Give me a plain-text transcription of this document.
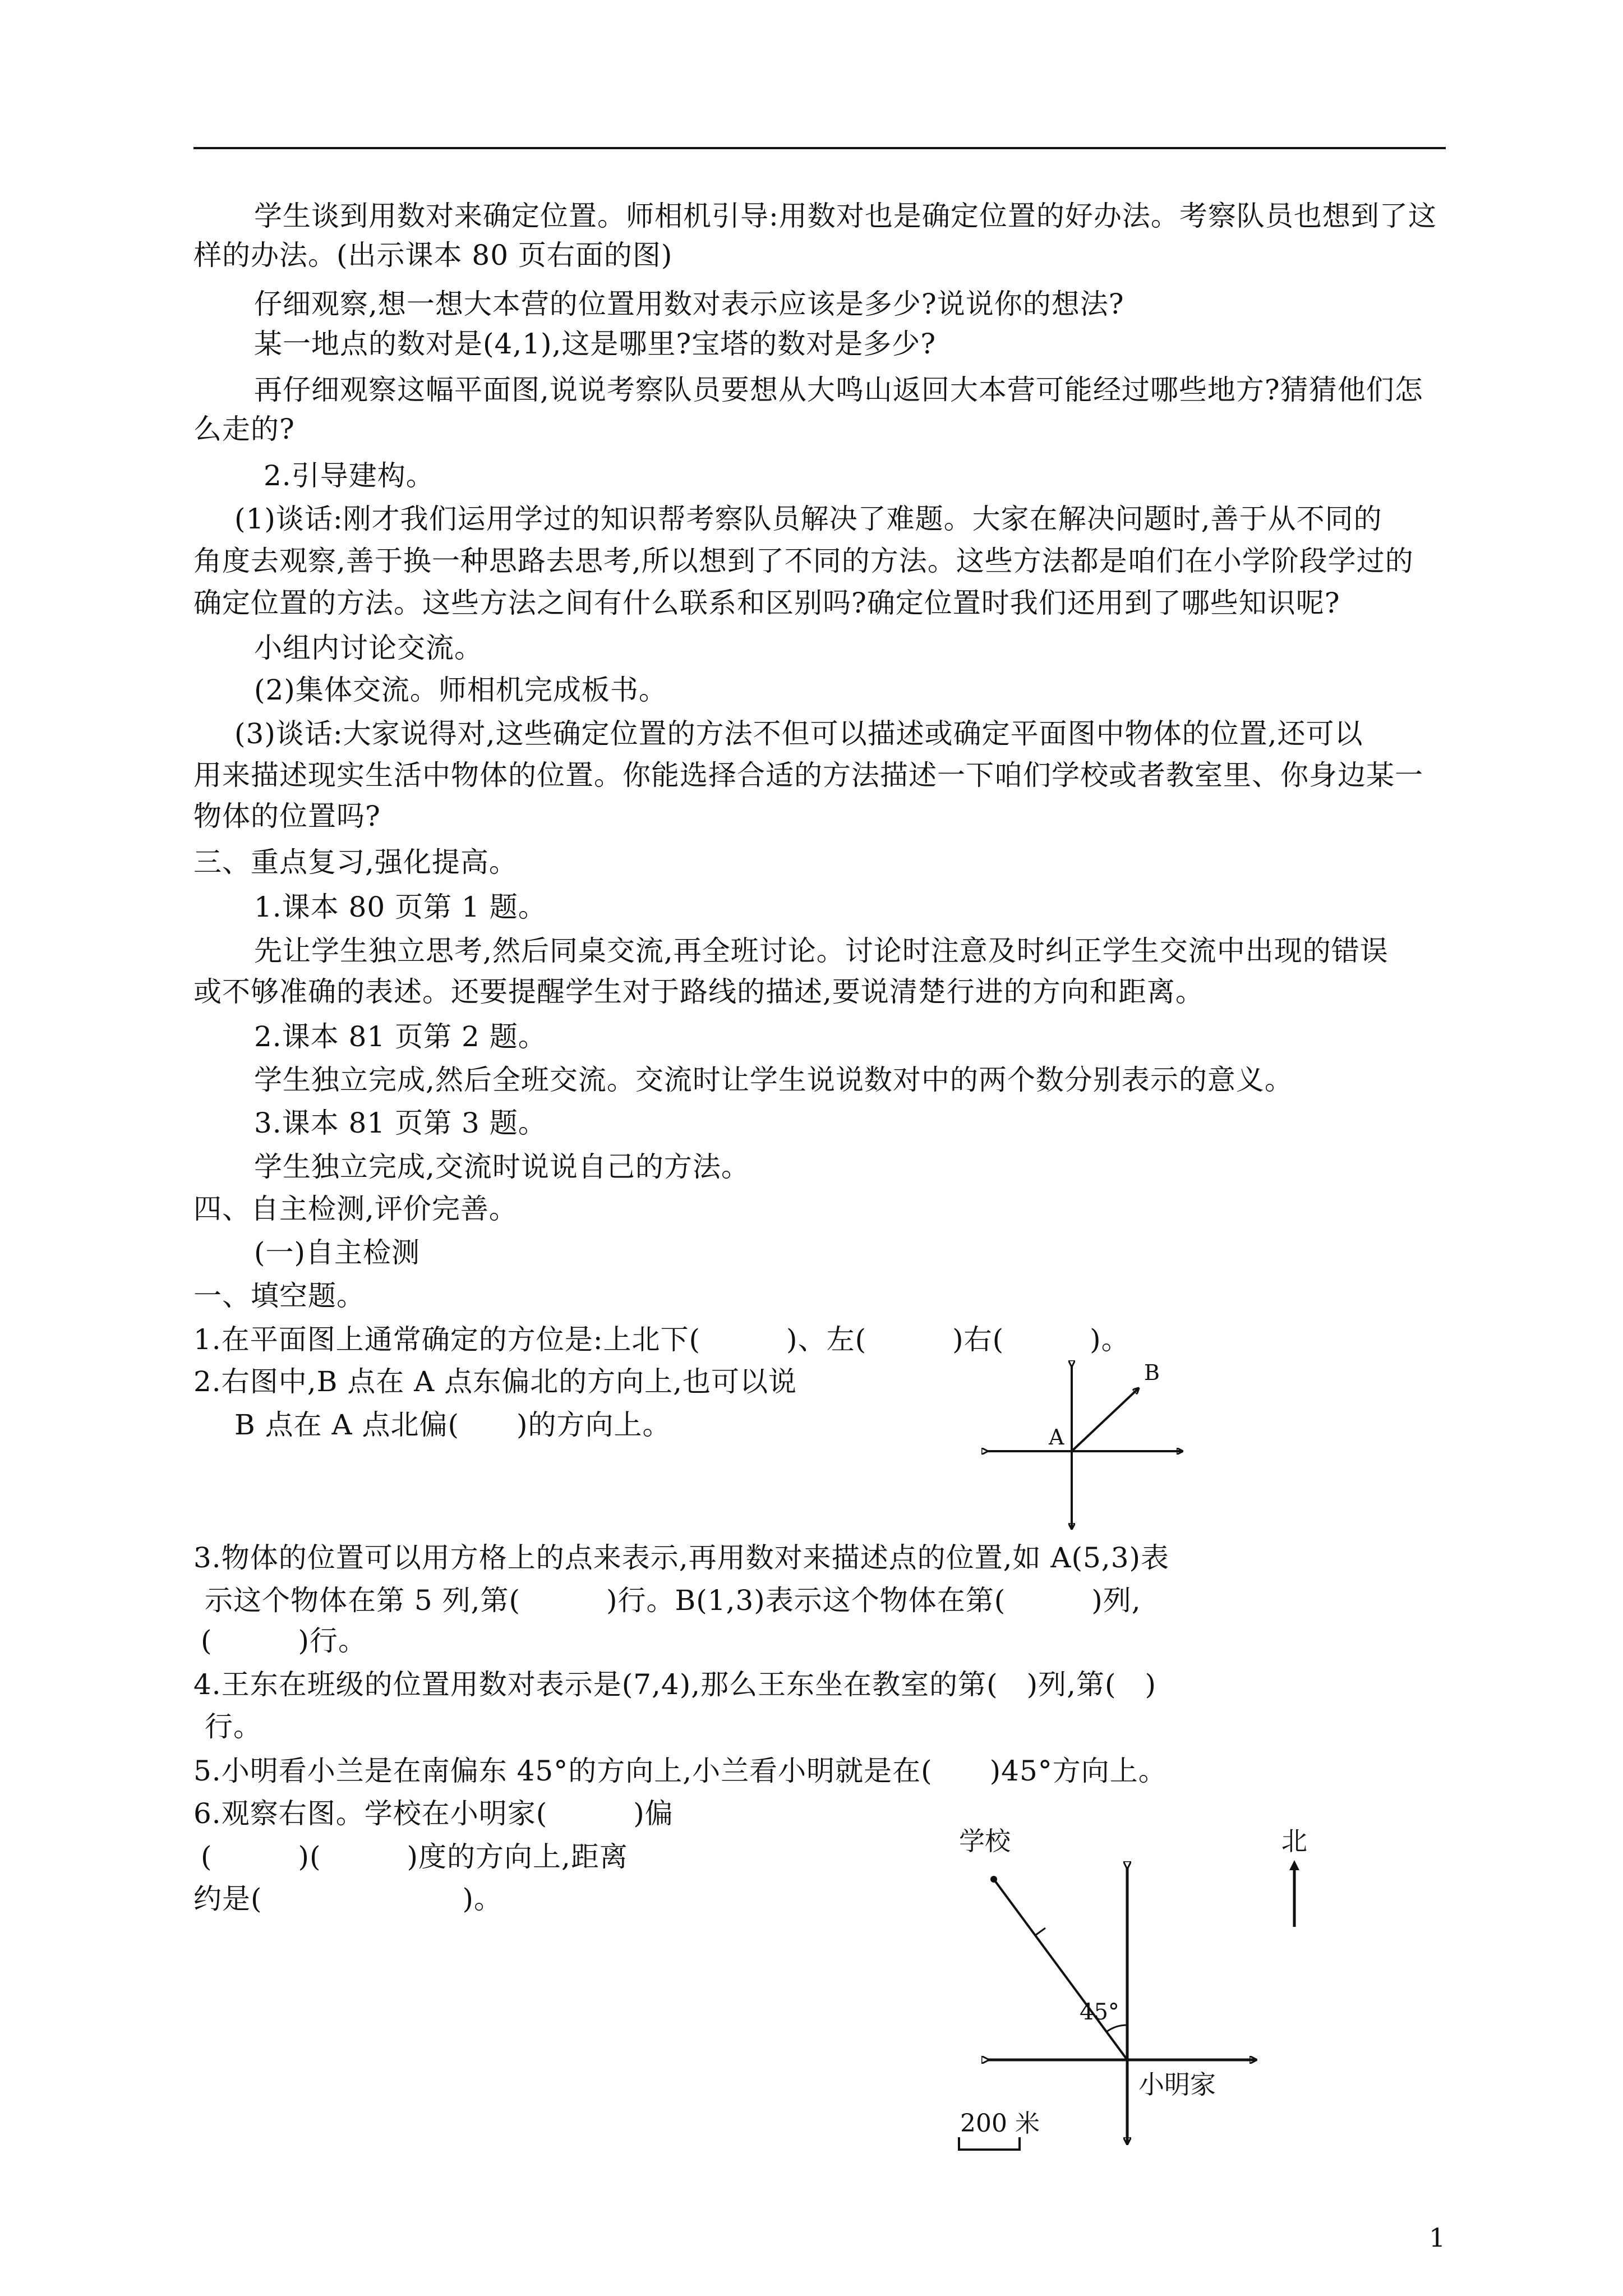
学生谈到用数对来确定位置。师相机引导:用数对也是确定位置的好办法。考察队员也想到了这
样的办法。(出示课本 80 页右面的图)
仔细观察,想一想大本营的位置用数对表示应该是多少?说说你的想法?
某一地点的数对是(4,1),这是哪里?宝塔的数对是多少?
再仔细观察这幅平面图,说说考察队员要想从大鸣山返回大本营可能经过哪些地方?猜猜他们怎
么走的?
2.引导建构。
(1)谈话:刚才我们运用学过的知识帮考察队员解决了难题。大家在解决问题时,善于从不同的
角度去观察,善于换一种思路去思考,所以想到了不同的方法。这些方法都是咱们在小学阶段学过的
确定位置的方法。这些方法之间有什么联系和区别吗?确定位置时我们还用到了哪些知识呢?
小组内讨论交流。
(2)集体交流。师相机完成板书。
(3)谈话:大家说得对,这些确定位置的方法不但可以描述或确定平面图中物体的位置,还可以
用来描述现实生活中物体的位置。你能选择合适的方法描述一下咱们学校或者教室里、你身边某一
物体的位置吗?
三、重点复习,强化提高。
1.课本 80 页第 1 题。
先让学生独立思考,然后同桌交流,再全班讨论。讨论时注意及时纠正学生交流中出现的错误
或不够准确的表述。还要提醒学生对于路线的描述,要说清楚行进的方向和距离。
2.课本 81 页第 2 题。
学生独立完成,然后全班交流。交流时让学生说说数对中的两个数分别表示的意义。
3.课本 81 页第 3 题。
学生独立完成,交流时说说自己的方法。
四、自主检测,评价完善。
(一)自主检测
一、填空题。
1.在平面图上通常确定的方位是:上北下(　　　)、左(　　　)右(　　　)。
2.右图中,B 点在 A 点东偏北的方向上,也可以说
B 点在 A 点北偏(　　)的方向上。
3.物体的位置可以用方格上的点来表示,再用数对来描述点的位置,如 A(5,3)表
示这个物体在第 5 列,第(　　　)行。B(1,3)表示这个物体在第(　　　)列,
(　　　)行。
4.王东在班级的位置用数对表示是(7,4),那么王东坐在教室的第(　)列,第(　)
行。
5.小明看小兰是在南偏东 45°的方向上,小兰看小明就是在(　　)45°方向上。
6.观察右图。学校在小明家(　　　)偏
(　　　)(　　　)度的方向上,距离
约是(　　　　　　　)。
A
B
学校	北
45°
小明家
200 米
1
